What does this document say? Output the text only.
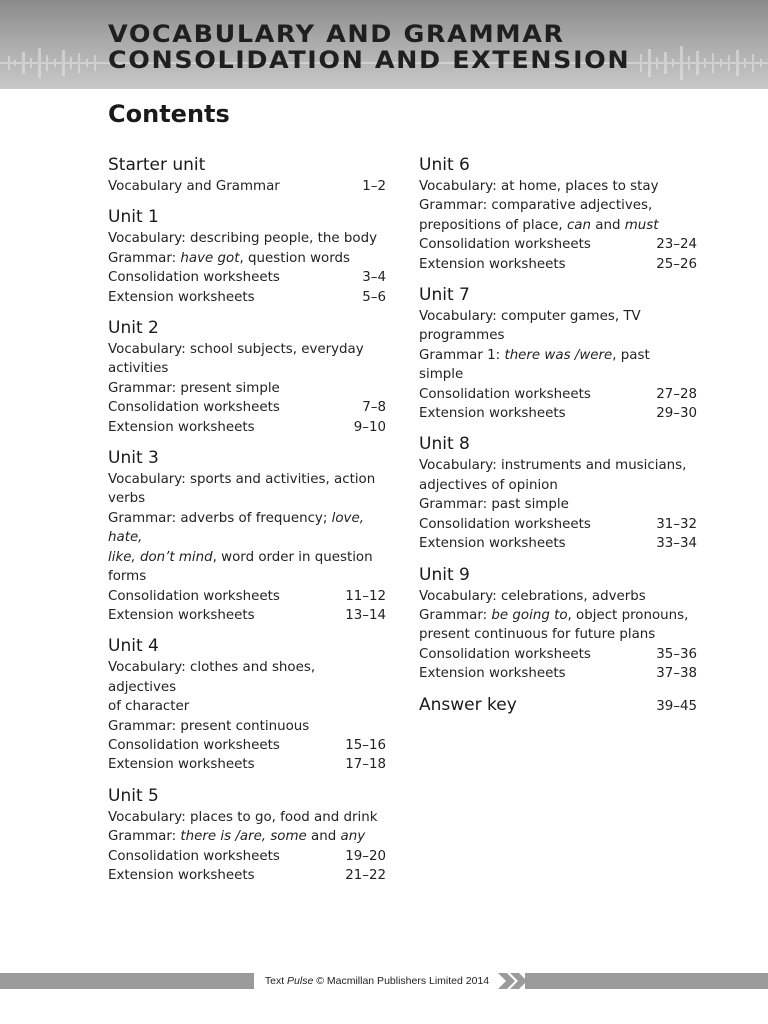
VOCABULARY AND GRAMMAR
CONSOLIDATION AND EXTENSION
Contents
Starter unit
Vocabulary and Grammar	1–2
Unit 1
Vocabulary: describing people, the body
Grammar: have got, question words
Consolidation worksheets	3–4
Extension worksheets	5–6
Unit 2
Vocabulary: school subjects, everyday
activities
Grammar: present simple
Consolidation worksheets	7–8
Extension worksheets	9–10
Unit 3
Vocabulary: sports and activities, action
verbs
Grammar: adverbs of frequency; love, hate,
like, don’t mind, word order in question
forms
Consolidation worksheets	11–12
Extension worksheets	13–14
Unit 4
Vocabulary: clothes and shoes, adjectives
of character
Grammar: present continuous
Consolidation worksheets	15–16
Extension worksheets	17–18
Unit 5
Vocabulary: places to go, food and drink
Grammar: there is /are, some and any
Consolidation worksheets	19–20
Extension worksheets	21–22
Unit 6
Vocabulary: at home, places to stay
Grammar: comparative adjectives,
prepositions of place, can and must
Consolidation worksheets	23–24
Extension worksheets	25–26
Unit 7
Vocabulary: computer games, TV
programmes
Grammar 1: there was /were, past simple
Consolidation worksheets	27–28
Extension worksheets	29–30
Unit 8
Vocabulary: instruments and musicians,
adjectives of opinion
Grammar: past simple
Consolidation worksheets	31–32
Extension worksheets	33–34
Unit 9
Vocabulary: celebrations, adverbs
Grammar: be going to, object pronouns,
present continuous for future plans
Consolidation worksheets	35–36
Extension worksheets	37–38
Answer key	39–45
Text Pulse © Macmillan Publishers Limited 2014
